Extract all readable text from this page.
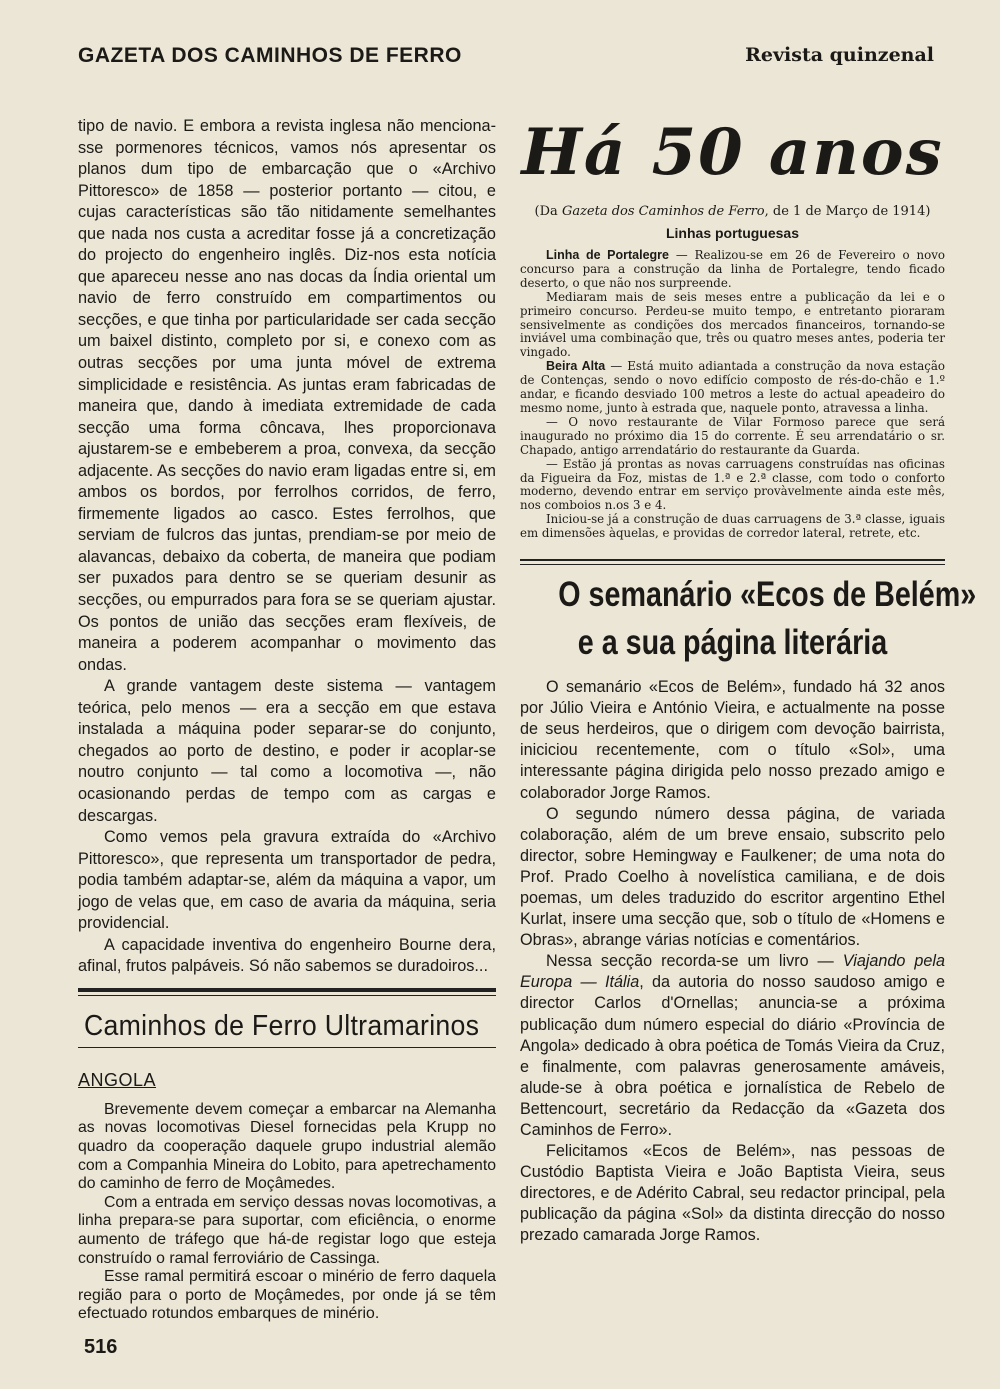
GAZETA DOS CAMINHOS DE FERRO	Revista quinzenal

tipo de navio. E embora a revista inglesa não mencionasse pormenores técnicos, vamos nós apresentar os planos dum tipo de embarcação que o «Archivo Pittoresco» de 1858 — posterior portanto — citou, e cujas características são tão nitidamente semelhantes que nada nos custa a acreditar fosse já a concretização do projecto do engenheiro inglês. Diz-nos esta notícia que apareceu nesse ano nas docas da Índia oriental um navio de ferro construído em compartimentos ou secções, e que tinha por particularidade ser cada secção um baixel distinto, completo por si, e conexo com as outras secções por uma junta móvel de extrema simplicidade e resistência. As juntas eram fabricadas de maneira que, dando à imediata extremidade de cada secção uma forma côncava, lhes proporcionava ajustarem-se e embeberem a proa, convexa, da secção adjacente. As secções do navio eram ligadas entre si, em ambos os bordos, por ferrolhos corridos, de ferro, firmemente ligados ao casco. Estes ferrolhos, que serviam de fulcros das juntas, prendiam-se por meio de alavancas, debaixo da coberta, de maneira que podiam ser puxados para dentro se se queriam desunir as secções, ou empurrados para fora se se queriam ajustar. Os pontos de união das secções eram flexíveis, de maneira a poderem acompanhar o movimento das ondas.

A grande vantagem deste sistema — vantagem teórica, pelo menos — era a secção em que estava instalada a máquina poder separar-se do conjunto, chegados ao porto de destino, e poder ir acoplar-se noutro conjunto — tal como a locomotiva —, não ocasionando perdas de tempo com as cargas e descargas.

Como vemos pela gravura extraída do «Archivo Pittoresco», que representa um transportador de pedra, podia também adaptar-se, além da máquina a vapor, um jogo de velas que, em caso de avaria da máquina, seria providencial.

A capacidade inventiva do engenheiro Bourne dera, afinal, frutos palpáveis. Só não sabemos se duradoiros...

Caminhos de Ferro Ultramarinos
ANGOLA

Brevemente devem começar a embarcar na Alemanha as novas locomotivas Diesel fornecidas pela Krupp no quadro da cooperação daquele grupo industrial alemão com a Companhia Mineira do Lobito, para apetrechamento do caminho de ferro de Moçâmedes.

Com a entrada em serviço dessas novas locomotivas, a linha prepara-se para suportar, com eficiência, o enorme aumento de tráfego que há-de registar logo que esteja construído o ramal ferroviário de Cassinga.

Esse ramal permitirá escoar o minério de ferro daquela região para o porto de Moçâmedes, por onde já se têm efectuado rotundos embarques de minério.

Há 50 anos
(Da Gazeta dos Caminhos de Ferro, de 1 de Março de 1914)
Linhas portuguesas

Linha de Portalegre — Realizou-se em 26 de Fevereiro o novo concurso para a construção da linha de Portalegre, tendo ficado deserto, o que não nos surpreende.

Mediaram mais de seis meses entre a publicação da lei e o primeiro concurso. Perdeu-se muito tempo, e entretanto pioraram sensivelmente as condições dos mercados financeiros, tornando-se inviável uma combinação que, três ou quatro meses antes, poderia ter vingado.

Beira Alta — Está muito adiantada a construção da nova estação de Contenças, sendo o novo edifício composto de rés-do-chão e 1.º andar, e ficando desviado 100 metros a leste do actual apeadeiro do mesmo nome, junto à estrada que, naquele ponto, atravessa a linha.

— O novo restaurante de Vilar Formoso parece que será inaugurado no próximo dia 15 do corrente. É seu arrendatário o sr. Chapado, antigo arrendatário do restaurante da Guarda.

— Estão já prontas as novas carruagens construídas nas oficinas da Figueira da Foz, mistas de 1.ª e 2.ª classe, com todo o conforto moderno, devendo entrar em serviço provàvelmente ainda este mês, nos comboios n.os 3 e 4.

Iniciou-se já a construção de duas carruagens de 3.ª classe, iguais em dimensões àquelas, e providas de corredor lateral, retrete, etc.

O semanário «Ecos de Belém»
e a sua página literária

O semanário «Ecos de Belém», fundado há 32 anos por Júlio Vieira e António Vieira, e actualmente na posse de seus herdeiros, que o dirigem com devoção bairrista, iniciciou recentemente, com o título «Sol», uma interessante página dirigida pelo nosso prezado amigo e colaborador Jorge Ramos.

O segundo número dessa página, de variada colaboração, além de um breve ensaio, subscrito pelo director, sobre Hemingway e Faulkener; de uma nota do Prof. Prado Coelho à novelística camiliana, e de dois poemas, um deles traduzido do escritor argentino Ethel Kurlat, insere uma secção que, sob o título de «Homens e Obras», abrange várias notícias e comentários.

Nessa secção recorda-se um livro — Viajando pela Europa — Itália, da autoria do nosso saudoso amigo e director Carlos d'Ornellas; anuncia-se a próxima publicação dum número especial do diário «Província de Angola» dedicado à obra poética de Tomás Vieira da Cruz, e finalmente, com palavras generosamente amáveis, alude-se à obra poética e jornalística de Rebelo de Bettencourt, secretário da Redacção da «Gazeta dos Caminhos de Ferro».

Felicitamos «Ecos de Belém», nas pessoas de Custódio Baptista Vieira e João Baptista Vieira, seus directores, e de Adérito Cabral, seu redactor principal, pela publicação da página «Sol» da distinta direcção do nosso prezado camarada Jorge Ramos.

516
